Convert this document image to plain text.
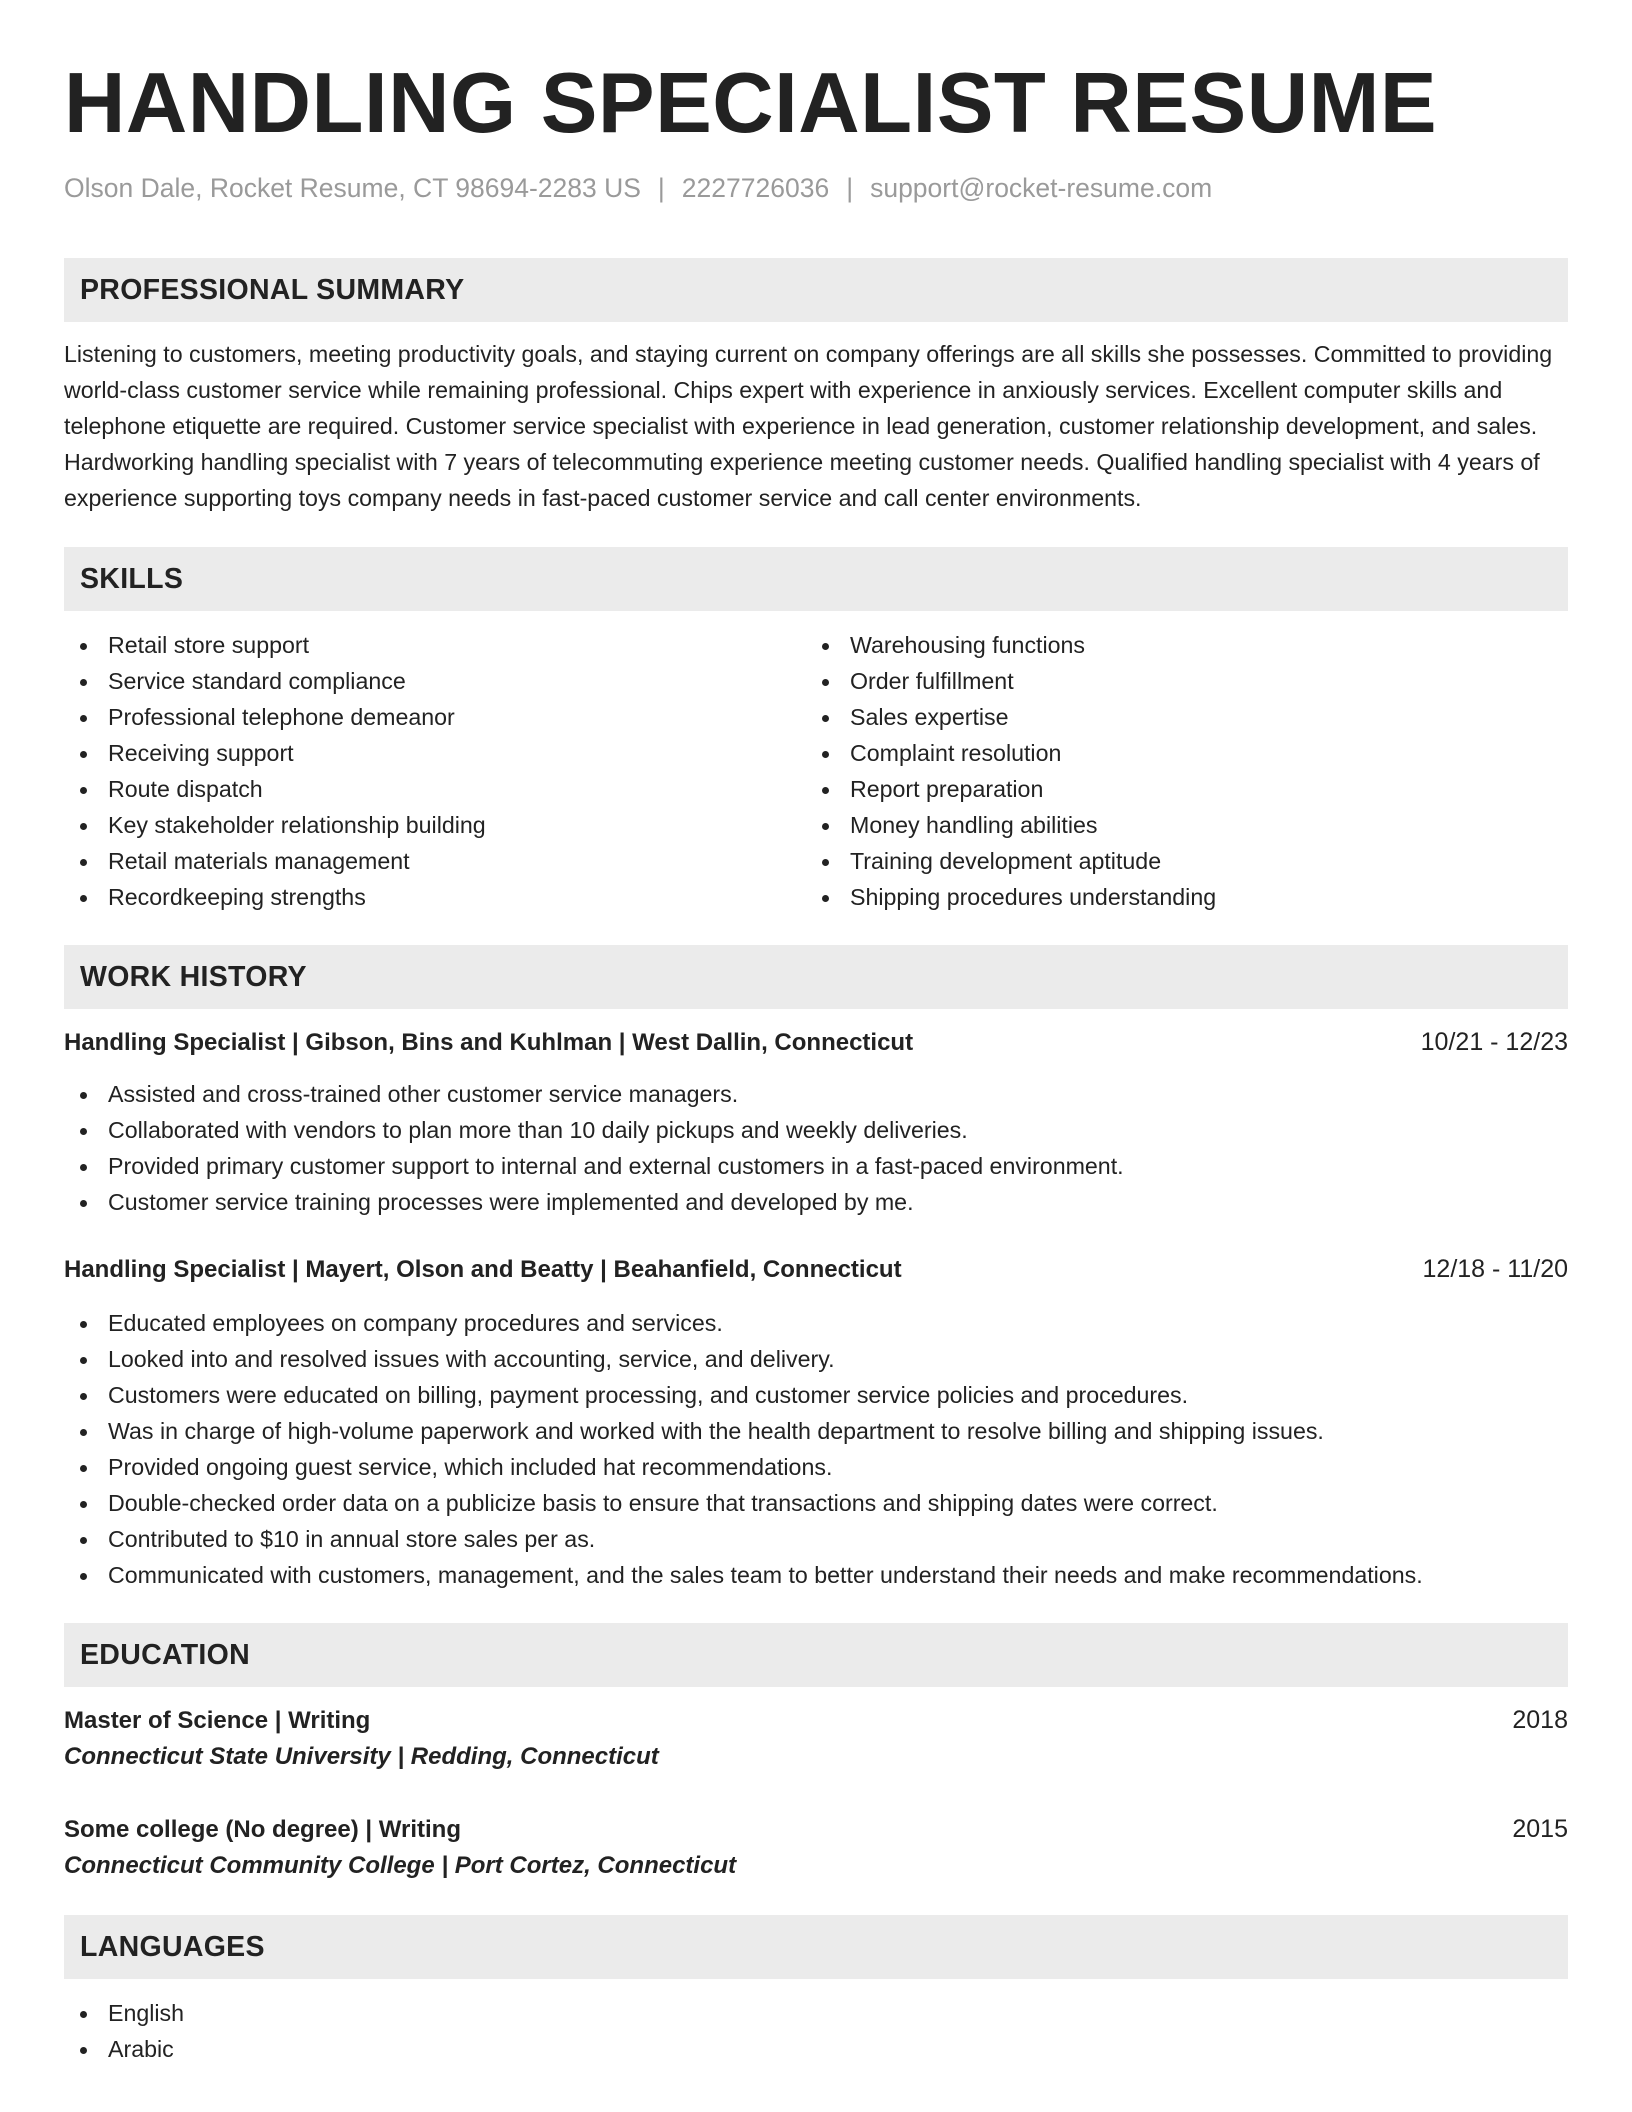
HANDLING SPECIALIST RESUME
Olson Dale, Rocket Resume, CT 98694-2283 US | 2227726036 | support@rocket-resume.com
PROFESSIONAL SUMMARY

Listening to customers, meeting productivity goals, and staying current on company offerings are all skills she possesses. Committed to providing world-class customer service while remaining professional. Chips expert with experience in anxiously services. Excellent computer skills and telephone etiquette are required. Customer service specialist with experience in lead generation, customer relationship development, and sales. Hardworking handling specialist with 7 years of telecommuting experience meeting customer needs. Qualified handling specialist with 4 years of experience supporting toys company needs in fast-paced customer service and call center environments.

SKILLS
Retail store support
Service standard compliance
Professional telephone demeanor
Receiving support
Route dispatch
Key stakeholder relationship building
Retail materials management
Recordkeeping strengths
Warehousing functions
Order fulfillment
Sales expertise
Complaint resolution
Report preparation
Money handling abilities
Training development aptitude
Shipping procedures understanding
WORK HISTORY
Handling Specialist | Gibson, Bins and Kuhlman | West Dallin, Connecticut	10/21 - 12/23
Assisted and cross-trained other customer service managers.
Collaborated with vendors to plan more than 10 daily pickups and weekly deliveries.
Provided primary customer support to internal and external customers in a fast-paced environment.
Customer service training processes were implemented and developed by me.
Handling Specialist | Mayert, Olson and Beatty | Beahanfield, Connecticut	12/18 - 11/20
Educated employees on company procedures and services.
Looked into and resolved issues with accounting, service, and delivery.
Customers were educated on billing, payment processing, and customer service policies and procedures.
Was in charge of high-volume paperwork and worked with the health department to resolve billing and shipping issues.
Provided ongoing guest service, which included hat recommendations.
Double-checked order data on a publicize basis to ensure that transactions and shipping dates were correct.
Contributed to $10 in annual store sales per as.
Communicated with customers, management, and the sales team to better understand their needs and make recommendations.
EDUCATION
Master of Science | Writing	2018
Connecticut State University | Redding, Connecticut
Some college (No degree) | Writing	2015
Connecticut Community College | Port Cortez, Connecticut
LANGUAGES
English
Arabic
